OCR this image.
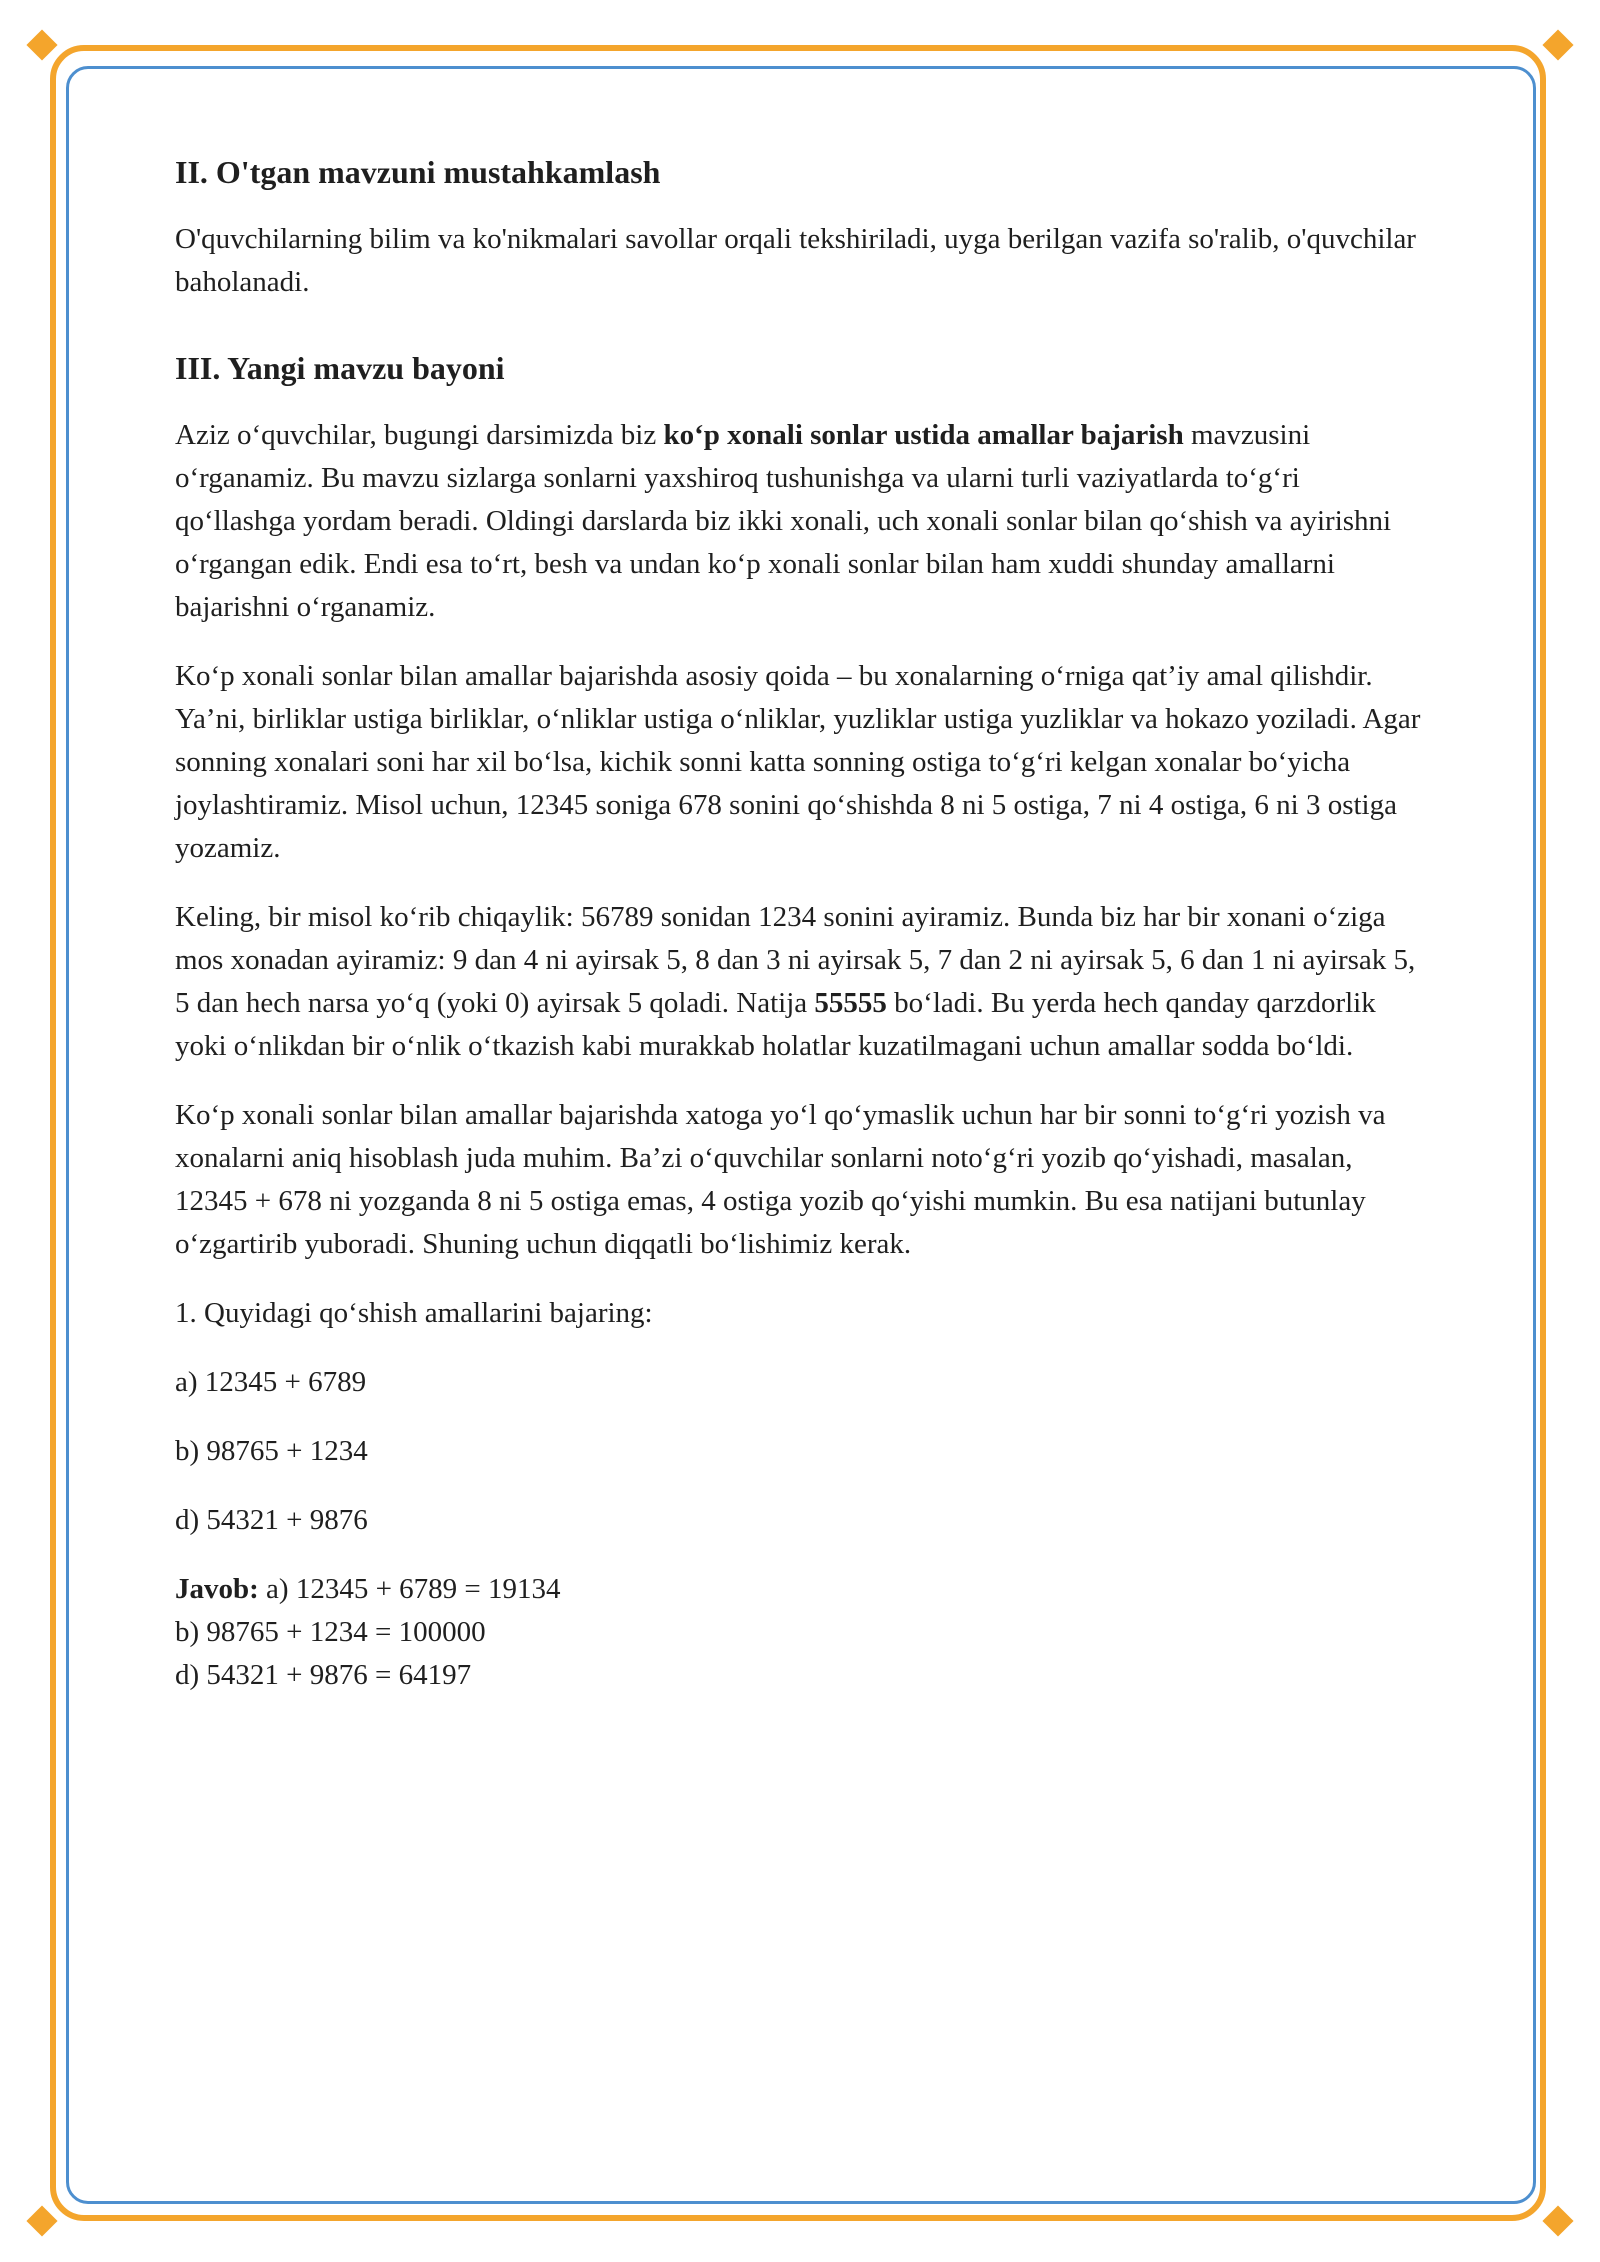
II. O'tgan mavzuni mustahkamlash

O'quvchilarning bilim va ko'nikmalari savollar orqali tekshiriladi, uyga berilgan vazifa so'ralib, o'quvchilar baholanadi.

III. Yangi mavzu bayoni

Aziz o‘quvchilar, bugungi darsimizda biz ko‘p xonali sonlar ustida amallar bajarish mavzusini o‘rganamiz. Bu mavzu sizlarga sonlarni yaxshiroq tushunishga va ularni turli vaziyatlarda to‘g‘ri qo‘llashga yordam beradi. Oldingi darslarda biz ikki xonali, uch xonali sonlar bilan qo‘shish va ayirishni o‘rgangan edik. Endi esa to‘rt, besh va undan ko‘p xonali sonlar bilan ham xuddi shunday amallarni bajarishni o‘rganamiz.

Ko‘p xonali sonlar bilan amallar bajarishda asosiy qoida – bu xonalarning o‘rniga qat’iy amal qilishdir. Ya’ni, birliklar ustiga birliklar, o‘nliklar ustiga o‘nliklar, yuzliklar ustiga yuzliklar va hokazo yoziladi. Agar sonning xonalari soni har xil bo‘lsa, kichik sonni katta sonning ostiga to‘g‘ri kelgan xonalar bo‘yicha joylashtiramiz. Misol uchun, 12345 soniga 678 sonini qo‘shishda 8 ni 5 ostiga, 7 ni 4 ostiga, 6 ni 3 ostiga yozamiz.

Keling, bir misol ko‘rib chiqaylik: 56789 sonidan 1234 sonini ayiramiz. Bunda biz har bir xonani o‘ziga mos xonadan ayiramiz: 9 dan 4 ni ayirsak 5, 8 dan 3 ni ayirsak 5, 7 dan 2 ni ayirsak 5, 6 dan 1 ni ayirsak 5, 5 dan hech narsa yo‘q (yoki 0) ayirsak 5 qoladi. Natija 55555 bo‘ladi. Bu yerda hech qanday qarzdorlik yoki o‘nlikdan bir o‘nlik o‘tkazish kabi murakkab holatlar kuzatilmagani uchun amallar sodda bo‘ldi.

Ko‘p xonali sonlar bilan amallar bajarishda xatoga yo‘l qo‘ymaslik uchun har bir sonni to‘g‘ri yozish va xonalarni aniq hisoblash juda muhim. Ba’zi o‘quvchilar sonlarni noto‘g‘ri yozib qo‘yishadi, masalan, 12345 + 678 ni yozganda 8 ni 5 ostiga emas, 4 ostiga yozib qo‘yishi mumkin. Bu esa natijani butunlay o‘zgartirib yuboradi. Shuning uchun diqqatli bo‘lishimiz kerak.

1. Quyidagi qo‘shish amallarini bajaring:

a) 12345 + 6789

b) 98765 + 1234

d) 54321 + 9876

Javob: a) 12345 + 6789 = 19134
b) 98765 + 1234 = 100000
d) 54321 + 9876 = 64197
